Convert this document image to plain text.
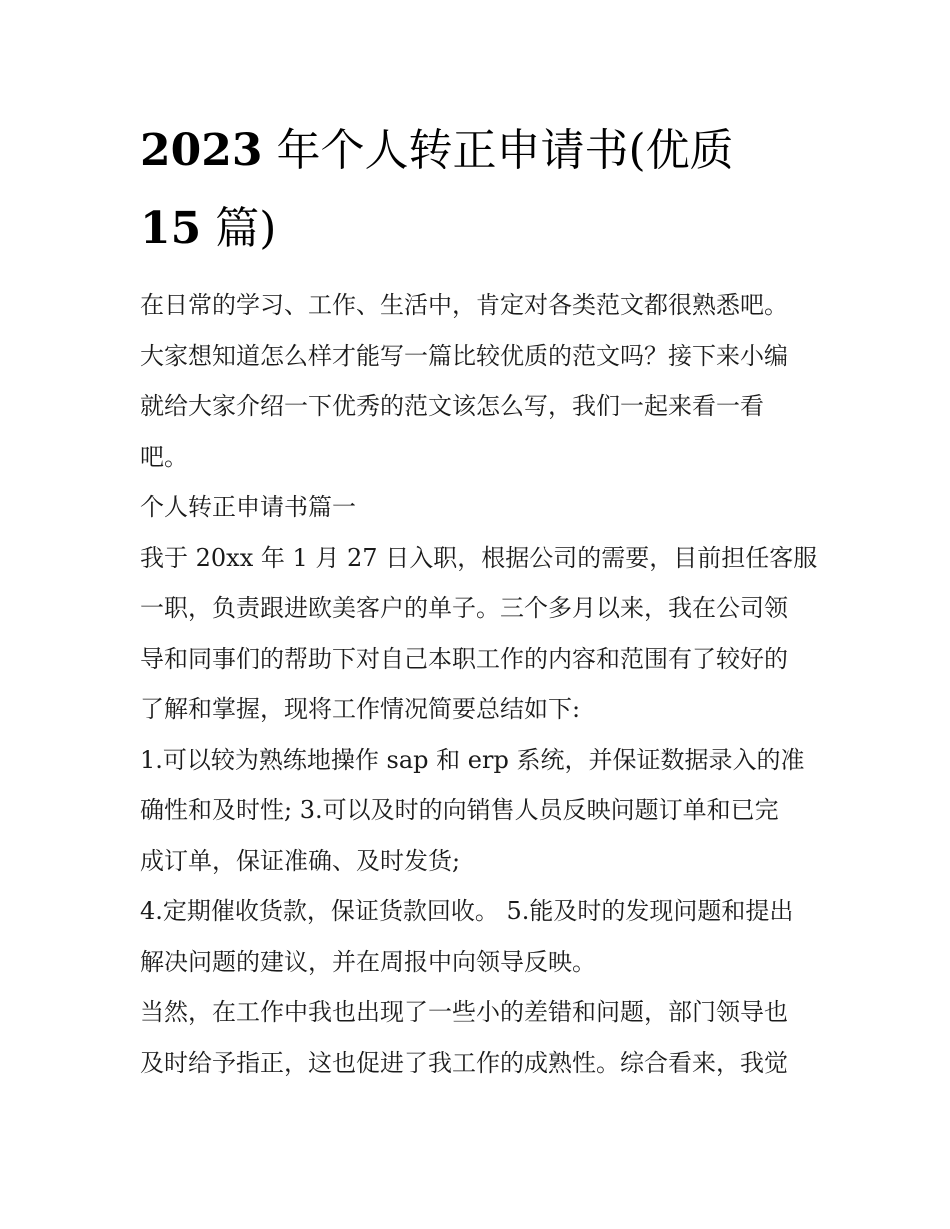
2023 年个人转正申请书(优质
15 篇)
在日常的学习、工作、生活中，肯定对各类范文都很熟悉吧。
大家想知道怎么样才能写一篇比较优质的范文吗？接下来小编
就给大家介绍一下优秀的范文该怎么写，我们一起来看一看
吧。
个人转正申请书篇一
我于 20xx 年 1 月 27 日入职，根据公司的需要，目前担任客服
一职，负责跟进欧美客户的单子。三个多月以来，我在公司领
导和同事们的帮助下对自己本职工作的内容和范围有了较好的
了解和掌握，现将工作情况简要总结如下:
1.可以较为熟练地操作 sap 和 erp 系统，并保证数据录入的准
确性和及时性; 3.可以及时的向销售人员反映问题订单和已完
成订单，保证准确、及时发货;
4.定期催收货款，保证货款回收。 5.能及时的发现问题和提出
解决问题的建议，并在周报中向领导反映。
当然，在工作中我也出现了一些小的差错和问题，部门领导也
及时给予指正，这也促进了我工作的成熟性。综合看来，我觉
